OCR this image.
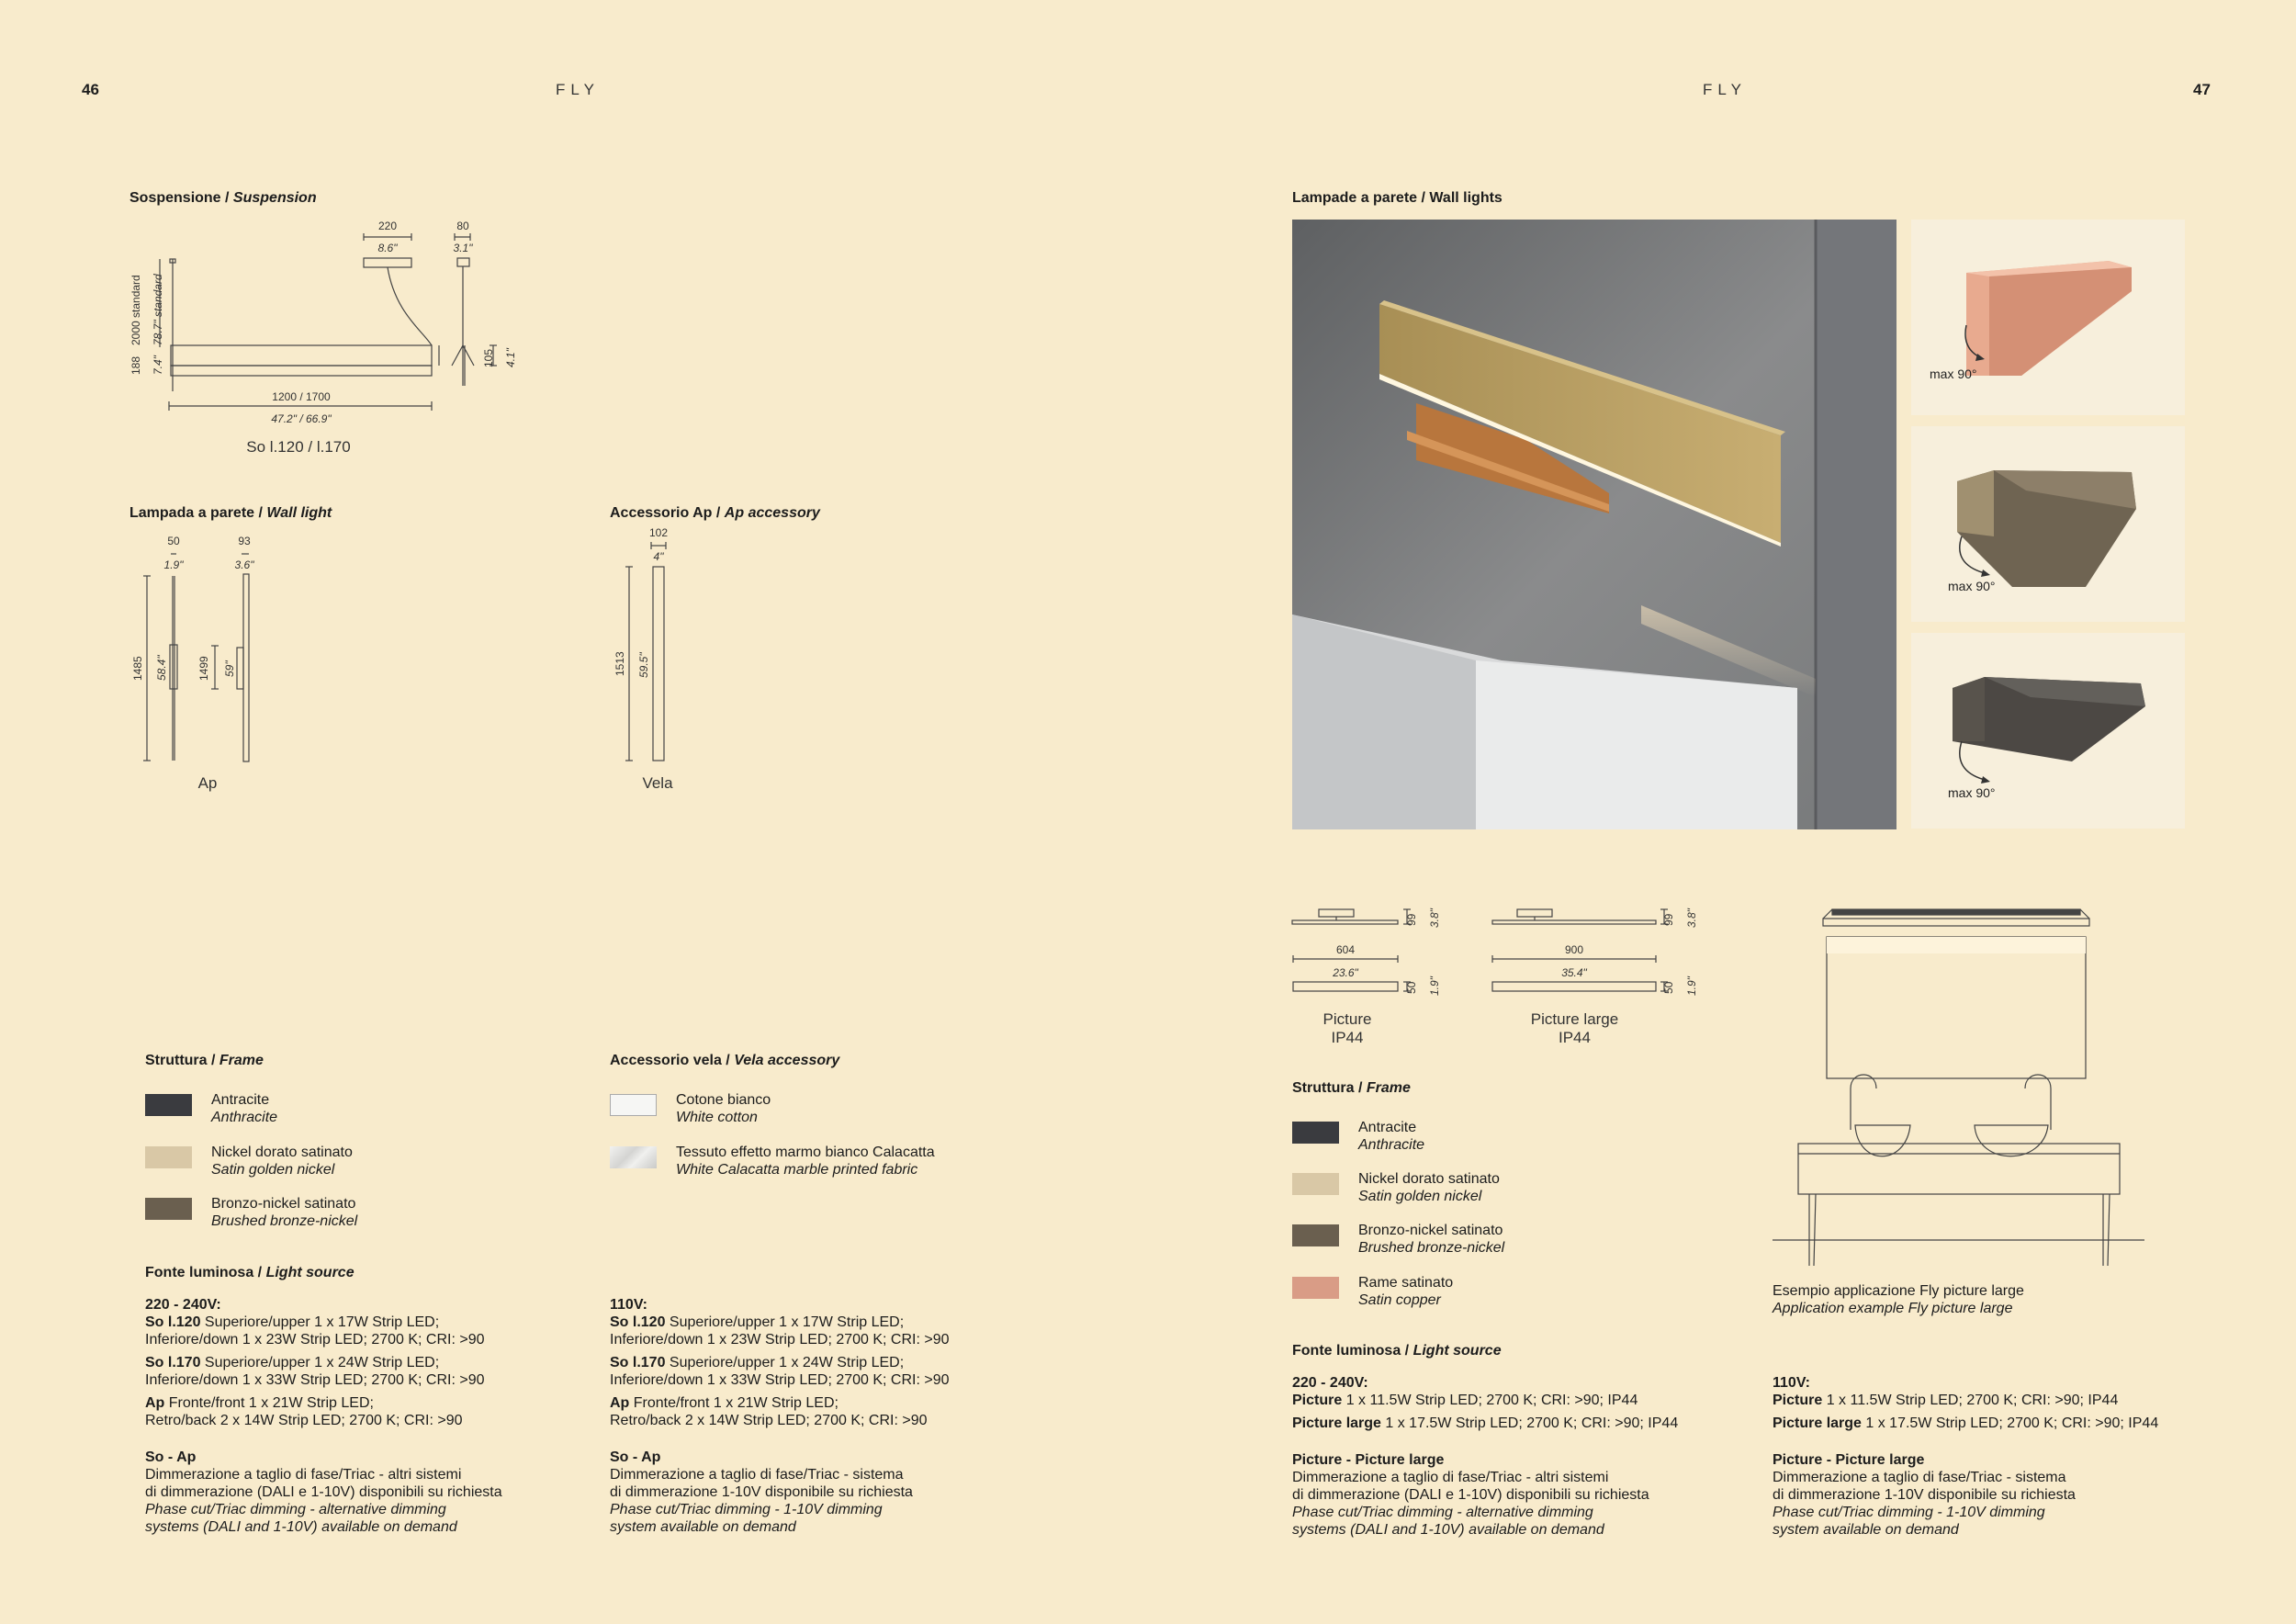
46	FLY	FLY	47
Sospensione / Suspension
220
8.6"
80
3.1"
1200 / 1700
47.2" / 66.9"
188
2000 standard
7.4"
78.7" standard
105 4.1"
So l.120 / l.170
Lampada a parete / Wall light
50
1.9"
93
3.6"
1485 58.4"	1499 59"
Ap
Accessorio Ap / Ap accessory
102
4"
1513 59.5"
Vela
Struttura / Frame
Antracite
Anthracite
Nickel dorato satinato
Satin golden nickel
Bronzo-nickel satinato
Brushed bronze-nickel
Accessorio vela / Vela accessory
Cotone bianco
White cotton
Tessuto effetto marmo bianco Calacatta
White Calacatta marble printed fabric
Fonte luminosa / Light source
220 - 240V:
So l.120 Superiore/upper 1 x 17W Strip LED;
Inferiore/down 1 x 23W Strip LED; 2700 K; CRI: >90

So l.170 Superiore/upper 1 x 24W Strip LED;
Inferiore/down 1 x 33W Strip LED; 2700 K; CRI: >90

Ap Fronte/front 1 x 21W Strip LED;
Retro/back 2 x 14W Strip LED; 2700 K; CRI: >90

So - Ap
Dimmerazione a taglio di fase/Triac - altri sistemi
di dimmerazione (DALI e 1-10V) disponibili su richiesta
Phase cut/Triac dimming - alternative dimming
systems (DALI and 1-10V) available on demand
110V:
So l.120 Superiore/upper 1 x 17W Strip LED;
Inferiore/down 1 x 23W Strip LED; 2700 K; CRI: >90

So l.170 Superiore/upper 1 x 24W Strip LED;
Inferiore/down 1 x 33W Strip LED; 2700 K; CRI: >90

Ap Fronte/front 1 x 21W Strip LED;
Retro/back 2 x 14W Strip LED; 2700 K; CRI: >90

So - Ap
Dimmerazione a taglio di fase/Triac - sistema
di dimmerazione 1-10V disponibile su richiesta
Phase cut/Triac dimming - 1-10V dimming
system available on demand
Lampade a parete / Wall lights
max 90°
max 90°
max 90°
99 3.8"
604
23.6"
50 1.9"
99 3.8"
900
35.4"
50 1.9"
Picture
IP44
Picture large
IP44
Esempio applicazione Fly picture large
Application example Fly picture large
Struttura / Frame
Antracite
Anthracite
Nickel dorato satinato
Satin golden nickel
Bronzo-nickel satinato
Brushed bronze-nickel
Rame satinato
Satin copper
Fonte luminosa / Light source
220 - 240V:
Picture 1 x 11.5W Strip LED; 2700 K; CRI: >90; IP44

Picture large 1 x 17.5W Strip LED; 2700 K; CRI: >90; IP44

Picture - Picture large
Dimmerazione a taglio di fase/Triac - altri sistemi
di dimmerazione (DALI e 1-10V) disponibili su richiesta
Phase cut/Triac dimming - alternative dimming
systems (DALI and 1-10V) available on demand
110V:
Picture 1 x 11.5W Strip LED; 2700 K; CRI: >90; IP44

Picture large 1 x 17.5W Strip LED; 2700 K; CRI: >90; IP44

Picture - Picture large
Dimmerazione a taglio di fase/Triac - sistema
di dimmerazione 1-10V disponibile su richiesta
Phase cut/Triac dimming - 1-10V dimming
system available on demand
